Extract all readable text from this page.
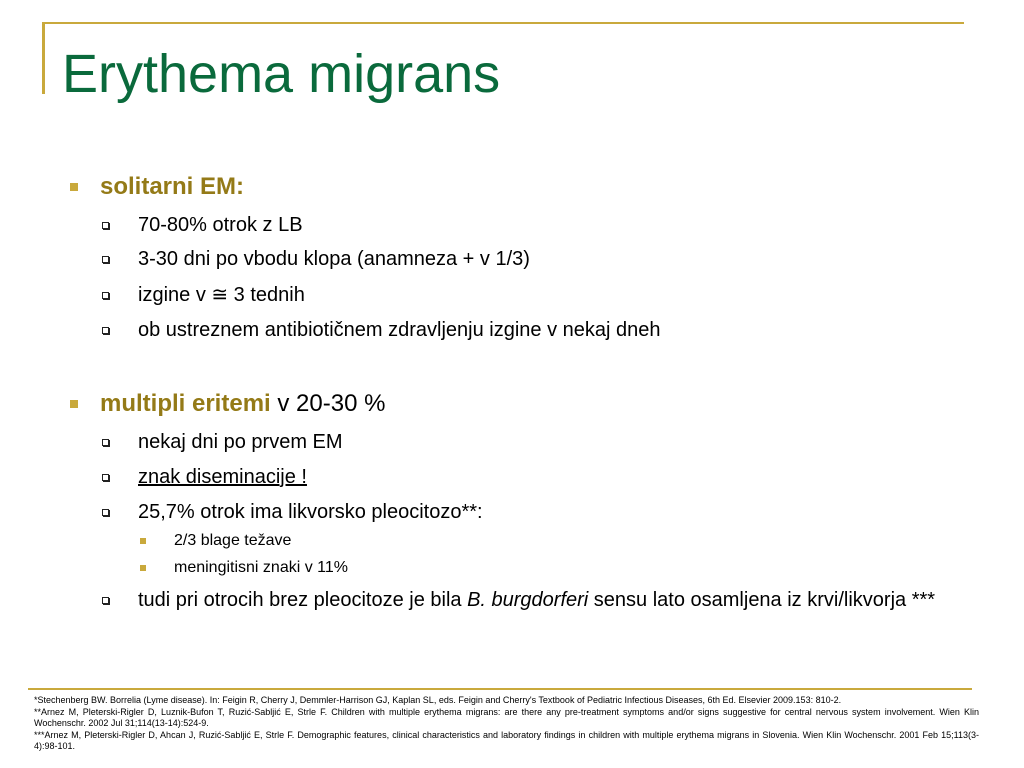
Erythema migrans
solitarni EM:
70-80% otrok z LB
3-30 dni po vbodu klopa (anamneza + v 1/3)
izgine v ≅ 3 tednih
ob ustreznem antibiotičnem zdravljenju izgine v nekaj dneh
multipli eritemi v 20-30 %
nekaj dni po prvem EM
znak diseminacije !
25,7% otrok ima likvorsko pleocitozo**:
2/3 blage težave
meningitisni znaki v 11%
tudi pri otrocih brez pleocitoze je bila B. burgdorferi sensu lato osamljena iz krvi/likvorja ***
*Stechenberg BW. Borrelia (Lyme disease). In: Feigin R, Cherry J, Demmler-Harrison GJ, Kaplan SL, eds. Feigin and Cherry's Textbook of Pediatric Infectious Diseases, 6th Ed. Elsevier 2009.153: 810-2.
**Arnez M, Pleterski-Rigler D, Luznik-Bufon T, Ruzić-Sabljić E, Strle F. Children with multiple erythema migrans: are there any pre-treatment symptoms and/or signs suggestive for central nervous system involvement. Wien Klin Wochenschr. 2002 Jul 31;114(13-14):524-9.
***Arnez M, Pleterski-Rigler D, Ahcan J, Ruzić-Sabljić E, Strle F. Demographic features, clinical characteristics and laboratory findings in children with multiple erythema migrans in Slovenia. Wien Klin Wochenschr. 2001 Feb 15;113(3-4):98-101.
